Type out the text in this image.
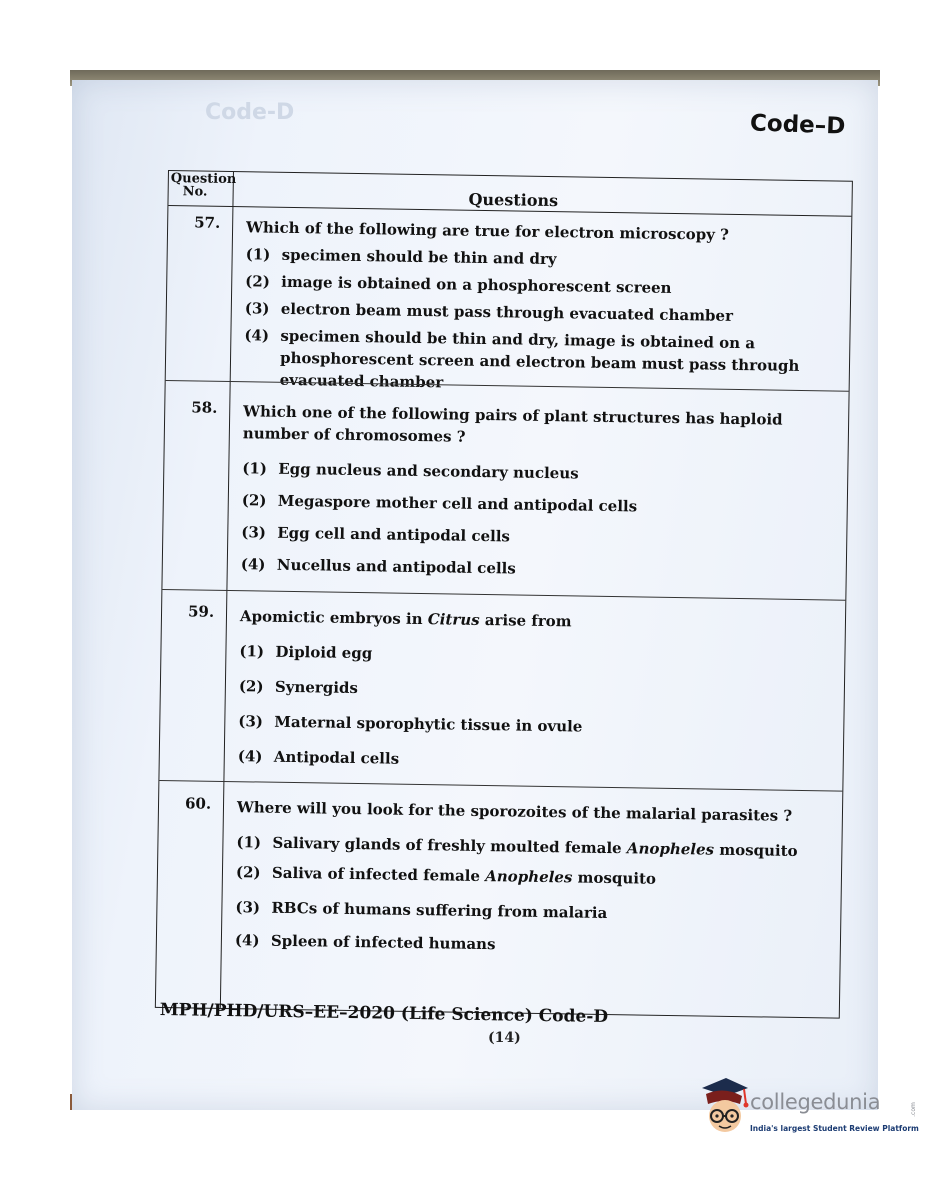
Code-D	Code–D
Question
No.	Questions
57. Which of the following are true for electron microscopy ?
(1) specimen should be thin and dry
(2) image is obtained on a phosphorescent screen
(3) electron beam must pass through evacuated chamber
(4) specimen should be thin and dry, image is obtained on a phosphorescent screen and electron beam must pass through evacuated chamber
58. Which one of the following pairs of plant structures has haploid number of chromosomes ?
(1) Egg nucleus and secondary nucleus
(2) Megaspore mother cell and antipodal cells
(3) Egg cell and antipodal cells
(4) Nucellus and antipodal cells
59. Apomictic embryos in Citrus arise from
(1) Diploid egg
(2) Synergids
(3) Maternal sporophytic tissue in ovule
(4) Antipodal cells
60. Where will you look for the sporozoites of the malarial parasites ?
(1) Salivary glands of freshly moulted female Anopheles mosquito
(2) Saliva of infected female Anopheles mosquito
(3) RBCs of humans suffering from malaria
(4) Spleen of infected humans
MPH/PHD/URS–EE–2020 (Life Science) Code-D
(14)
collegedunia	.com
India's largest Student Review Platform
